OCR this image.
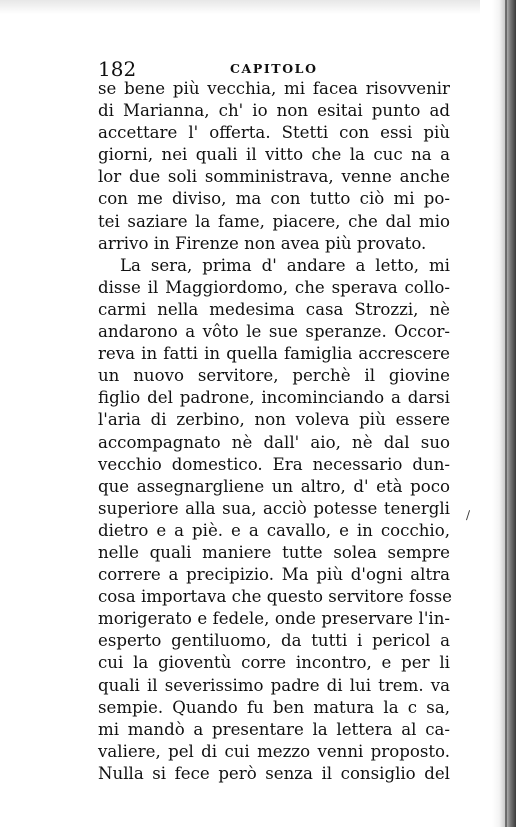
182	CAPITOLO
se bene più vecchia, mi facea risovvenir
di Marianna, ch' io non esitai punto ad
accettare l' offerta. Stetti con essi più
giorni, nei quali il vitto che la cuc na a
lor due soli somministrava, venne anche
con me diviso, ma con tutto ciò mi po-
tei saziare la fame, piacere, che dal mio
arrivo in Firenze non avea più provato.
La sera, prima d' andare a letto, mi
disse il Maggiordomo, che sperava collo-
carmi nella medesima casa Strozzi, nè
andarono a vôto le sue speranze. Occor-
reva in fatti in quella famiglia accrescere
un nuovo servitore, perchè il giovine
figlio del padrone, incominciando a darsi
l'aria di zerbino, non voleva più essere
accompagnato nè dall' aio, nè dal suo
vecchio domestico. Era necessario dun-
que assegnargliene un altro, d' età poco
superiore alla sua, acciò potesse tenergli
dietro e a piè. e a cavallo, e in cocchio,
nelle quali maniere tutte solea sempre
correre a precipizio. Ma più d'ogni altra
cosa importava che questo servitore fosse
morigerato e fedele, onde preservare l'in-
esperto gentiluomo, da tutti i pericol a
cui la gioventù corre incontro, e per li
quali il severissimo padre di lui trem. va
sempie. Quando fu ben matura la c sa,
mi mandò a presentare la lettera al ca-
valiere, pel di cui mezzo venni proposto.
Nulla si fece però senza il consiglio del
∕
